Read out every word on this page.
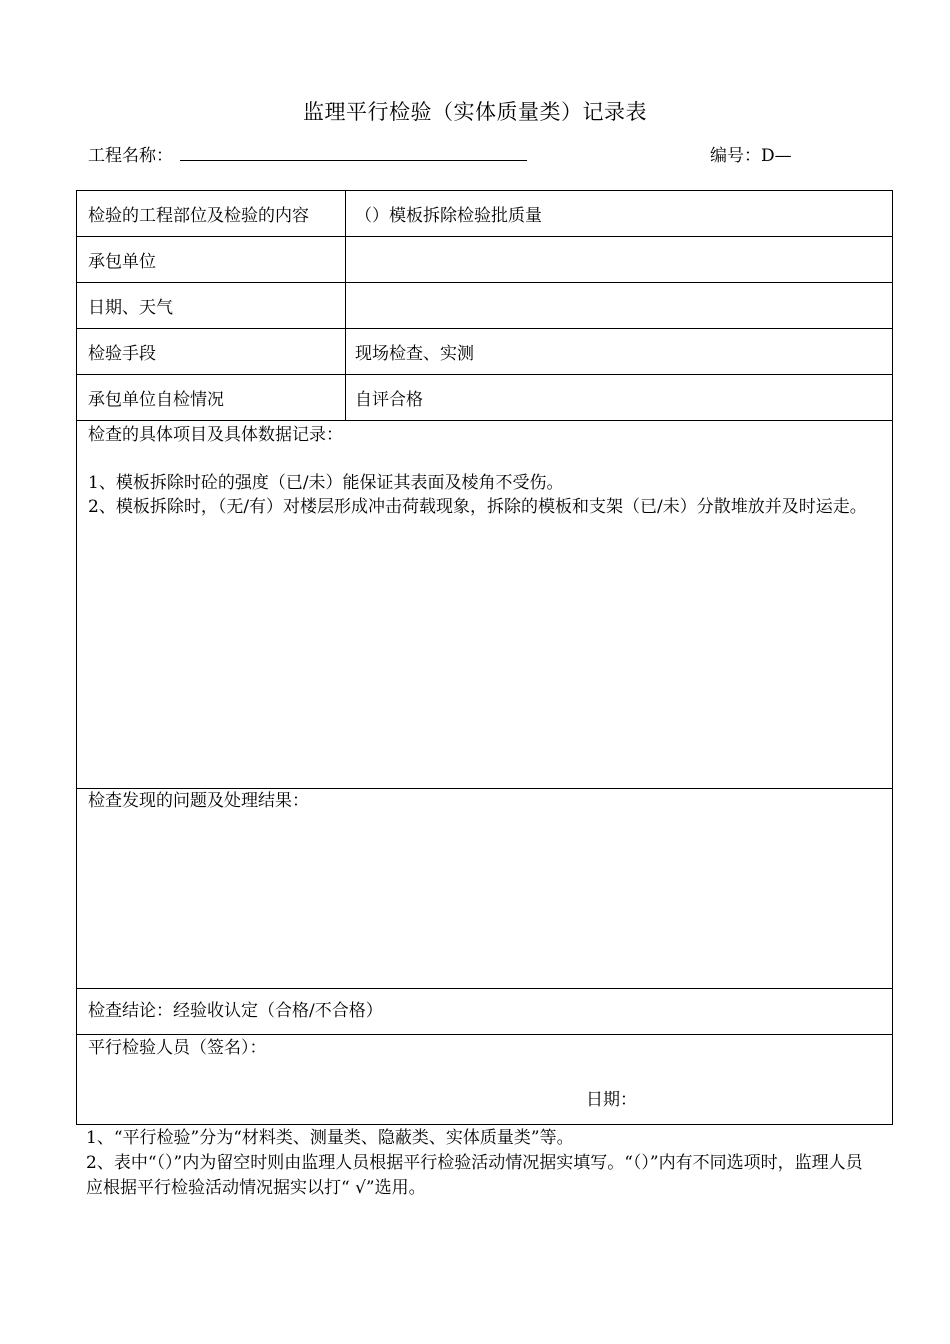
监理平行检验（实体质量类）记录表
工程名称：	编号：D—
检验的工程部位及检验的内容	（）模板拆除检验批质量
承包单位
日期、天气
检验手段	现场检查、实测
承包单位自检情况	自评合格
检查的具体项目及具体数据记录：
1、模板拆除时砼的强度（已/未）能保证其表面及棱角不受伤。
2、模板拆除时，（无/有）对楼层形成冲击荷载现象，拆除的模板和支架（已/未）分散堆放并及时运走。
检查发现的问题及处理结果：
检查结论：经验收认定（合格/不合格）
平行检验人员（签名）：
日期：

1、“平行检验”分为“材料类、测量类、隐蔽类、实体质量类”等。

2、表中“（）”内为留空时则由监理人员根据平行检验活动情况据实填写。“（）”内有不同选项时，监理人员应根据平行检验活动情况据实以打“ √”选用。
